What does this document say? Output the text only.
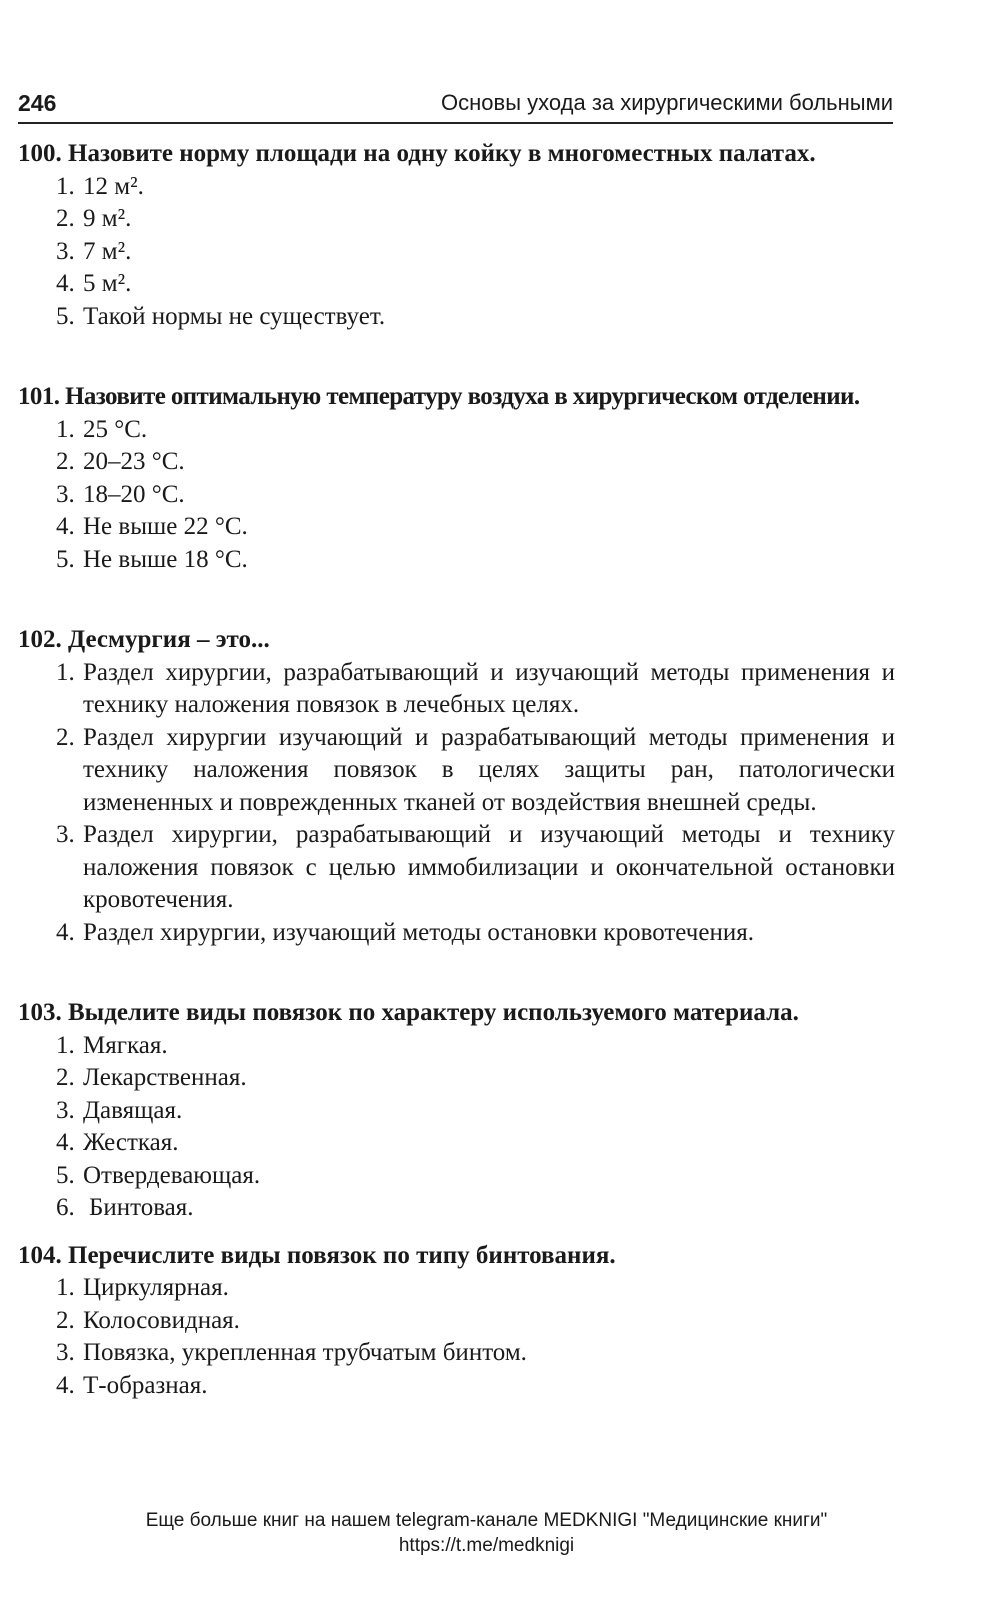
246	Основы ухода за хирургическими больными
100. Назовите норму площади на одну койку в многоместных палатах.
1. 12 м².
2. 9 м².
3. 7 м².
4. 5 м².
5. Такой нормы не существует.
101. Назовите оптимальную температуру воздуха в хирургическом отделении.
1. 25 °С.
2. 20–23 °С.
3. 18–20 °С.
4. Не выше 22 °С.
5. Не выше 18 °С.
102. Десмургия – это...
1. Раздел хирургии, разрабатывающий и изучающий методы применения и технику наложения повязок в лечебных целях.
2. Раздел хирургии изучающий и разрабатывающий методы применения и технику наложения повязок в целях защиты ран, патологически измененных и поврежденных тканей от воздействия внешней среды.
3. Раздел хирургии, разрабатывающий и изучающий методы и технику наложения повязок с целью иммобилизации и окончательной остановки кровотечения.
4. Раздел хирургии, изучающий методы остановки кровотечения.
103. Выделите виды повязок по характеру используемого материала.
1. Мягкая.
2. Лекарственная.
3. Давящая.
4. Жесткая.
5. Отвердевающая.
6. Бинтовая.
104. Перечислите виды повязок по типу бинтования.
1. Циркулярная.
2. Колосовидная.
3. Повязка, укрепленная трубчатым бинтом.
4. Т-образная.
Еще больше книг на нашем telegram-канале MEDKNIGI "Медицинские книги"
https://t.me/medknigi
